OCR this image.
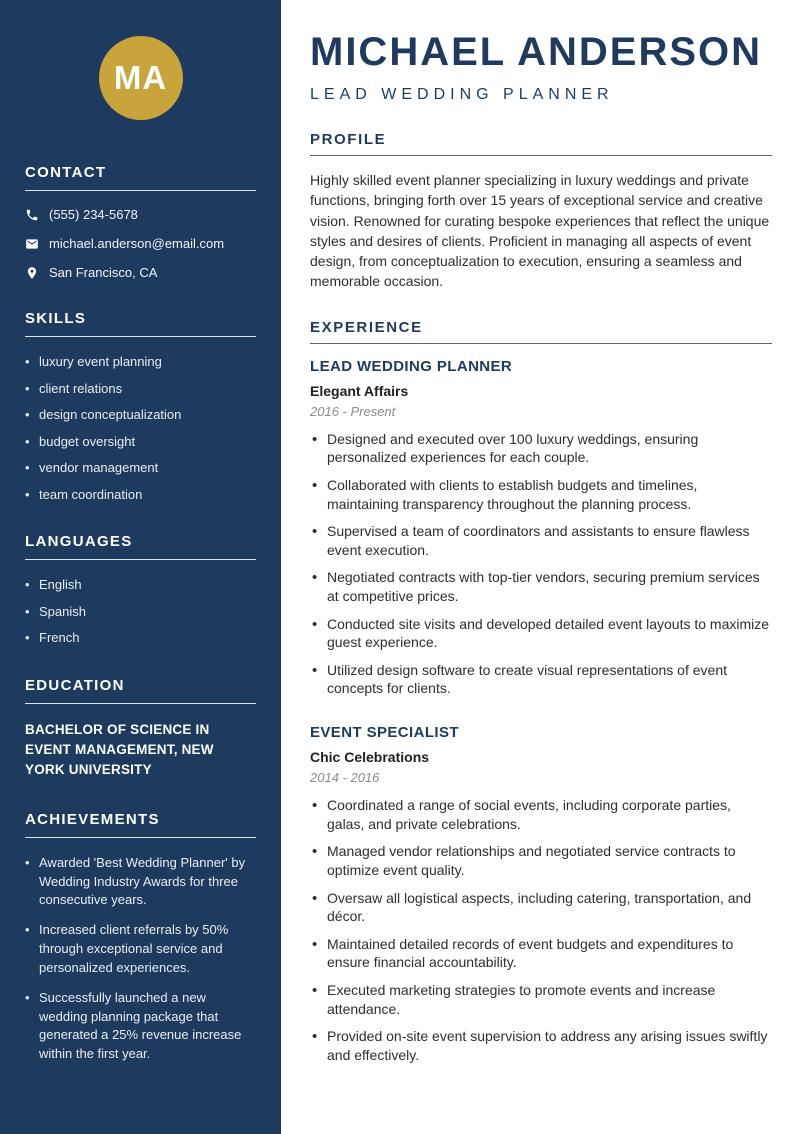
MA
CONTACT
(555) 234-5678
michael.anderson@email.com
San Francisco, CA
SKILLS
• luxury event planning
• client relations
• design conceptualization
• budget oversight
• vendor management
• team coordination
LANGUAGES
• English
• Spanish
• French
EDUCATION
BACHELOR OF SCIENCE IN EVENT MANAGEMENT, NEW YORK UNIVERSITY
ACHIEVEMENTS
• Awarded 'Best Wedding Planner' by Wedding Industry Awards for three consecutive years.
• Increased client referrals by 50% through exceptional service and personalized experiences.
• Successfully launched a new wedding planning package that generated a 25% revenue increase within the first year.
MICHAEL ANDERSON
LEAD WEDDING PLANNER
PROFILE

Highly skilled event planner specializing in luxury weddings and private functions, bringing forth over 15 years of exceptional service and creative vision. Renowned for curating bespoke experiences that reflect the unique styles and desires of clients. Proficient in managing all aspects of event design, from conceptualization to execution, ensuring a seamless and memorable occasion.

EXPERIENCE
LEAD WEDDING PLANNER
Elegant Affairs
2016 - Present
• Designed and executed over 100 luxury weddings, ensuring personalized experiences for each couple.
• Collaborated with clients to establish budgets and timelines, maintaining transparency throughout the planning process.
• Supervised a team of coordinators and assistants to ensure flawless event execution.
• Negotiated contracts with top-tier vendors, securing premium services at competitive prices.
• Conducted site visits and developed detailed event layouts to maximize guest experience.
• Utilized design software to create visual representations of event concepts for clients.
EVENT SPECIALIST
Chic Celebrations
2014 - 2016
• Coordinated a range of social events, including corporate parties, galas, and private celebrations.
• Managed vendor relationships and negotiated service contracts to optimize event quality.
• Oversaw all logistical aspects, including catering, transportation, and décor.
• Maintained detailed records of event budgets and expenditures to ensure financial accountability.
• Executed marketing strategies to promote events and increase attendance.
• Provided on-site event supervision to address any arising issues swiftly and effectively.
